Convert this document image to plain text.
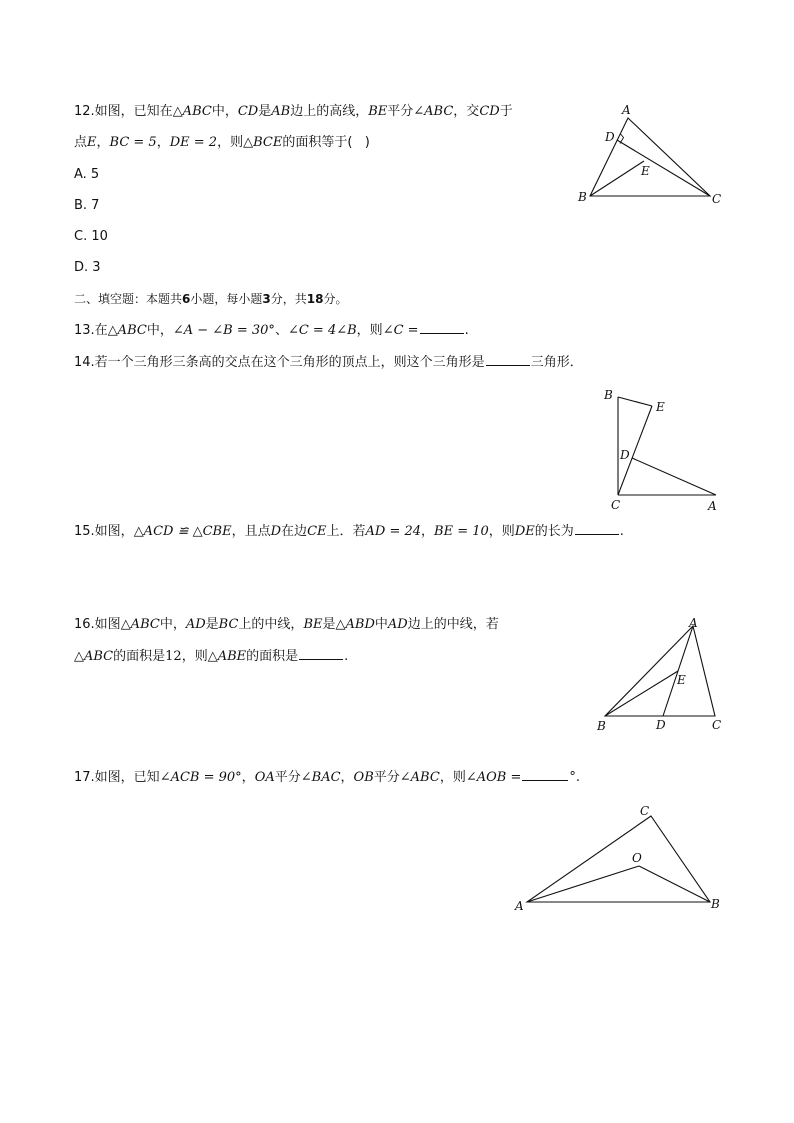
12.如图，已知在△ABC中，CD是AB边上的高线，BE平分∠ABC，交CD于
点E，BC = 5，DE = 2，则△BCE的面积等于( )
A. 5
B. 7
C. 10
D. 3
A
D
E
B	C
二、填空题：本题共6小题，每小题3分，共18分。
13.在△ABC中，∠A − ∠B = 30°、∠C = 4∠B，则∠C =	.
14.若一个三角形三条高的交点在这个三角形的顶点上，则这个三角形是	三角形．
B
E
D
C	A
15.如图，△ACD ≌ △CBE，且点D在边CE上．若AD = 24，BE = 10，则DE的长为	.
16.如图△ABC中，AD是BC上的中线，BE是△ABD中AD边上的中线，若
△ABC的面积是12，则△ABE的面积是	.
A
E
B	D	C
17.如图，已知∠ACB = 90°，OA平分∠BAC，OB平分∠ABC，则∠AOB =	°.
C
O
A	B
